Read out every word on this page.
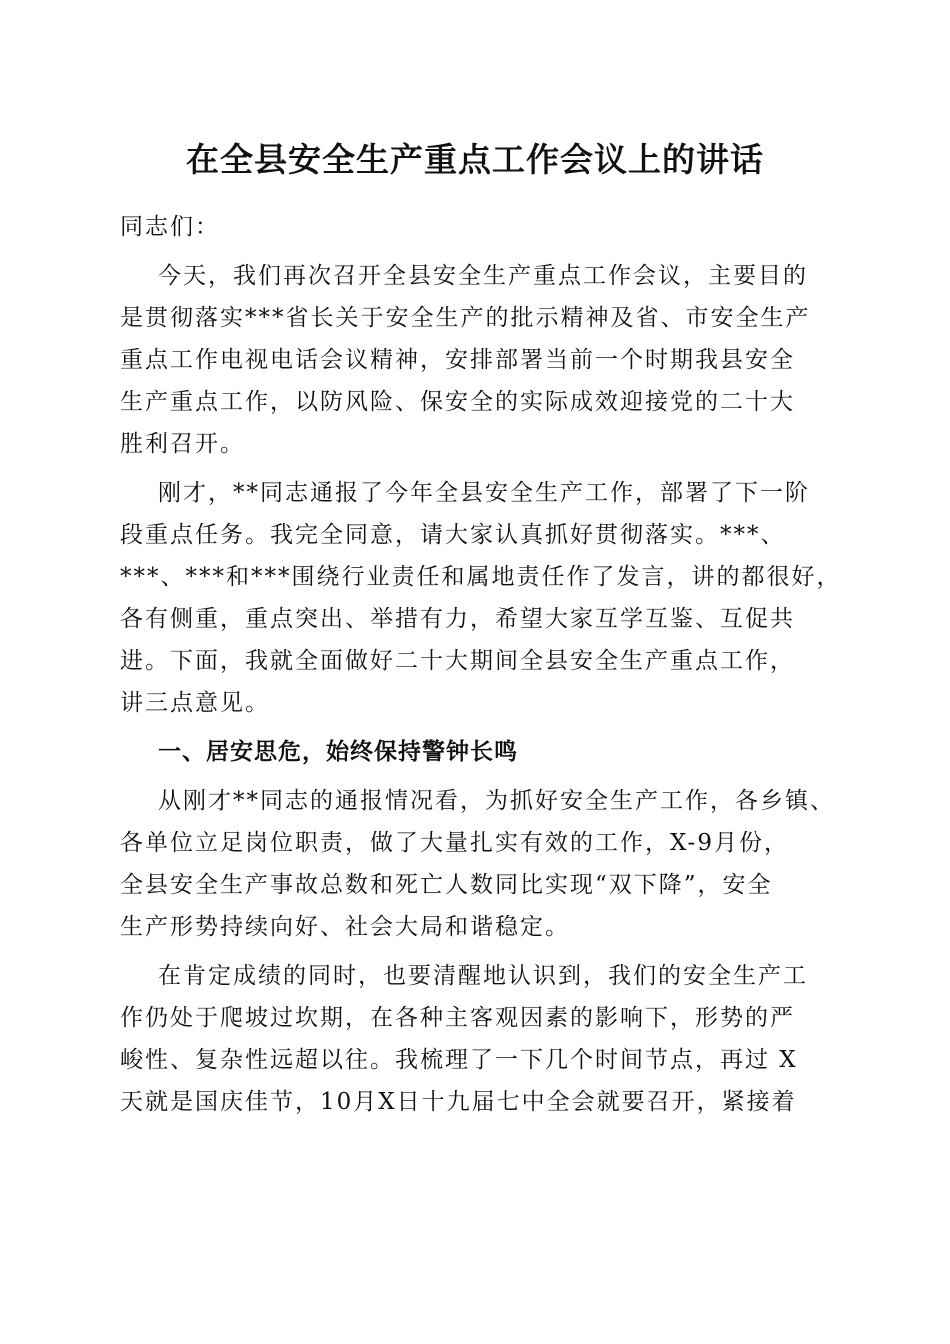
在全县安全生产重点工作会议上的讲话
同志们：
今天，我们再次召开全县安全生产重点工作会议，主要目的
是贯彻落实***省长关于安全生产的批示精神及省、市安全生产
重点工作电视电话会议精神，安排部署当前一个时期我县安全
生产重点工作，以防风险、保安全的实际成效迎接党的二十大
胜利召开。
刚才，**同志通报了今年全县安全生产工作，部署了下一阶
段重点任务。我完全同意，请大家认真抓好贯彻落实。***、
***、***和***围绕行业责任和属地责任作了发言，讲的都很好，
各有侧重，重点突出、举措有力，希望大家互学互鉴、互促共
进。下面，我就全面做好二十大期间全县安全生产重点工作，
讲三点意见。
一、居安思危，始终保持警钟长鸣
从刚才**同志的通报情况看，为抓好安全生产工作，各乡镇、
各单位立足岗位职责，做了大量扎实有效的工作，X-9月份，
全县安全生产事故总数和死亡人数同比实现“双下降”，安全
生产形势持续向好、社会大局和谐稳定。
在肯定成绩的同时，也要清醒地认识到，我们的安全生产工
作仍处于爬坡过坎期，在各种主客观因素的影响下，形势的严
峻性、复杂性远超以往。我梳理了一下几个时间节点，再过 X
天就是国庆佳节，10月X日十九届七中全会就要召开，紧接着
